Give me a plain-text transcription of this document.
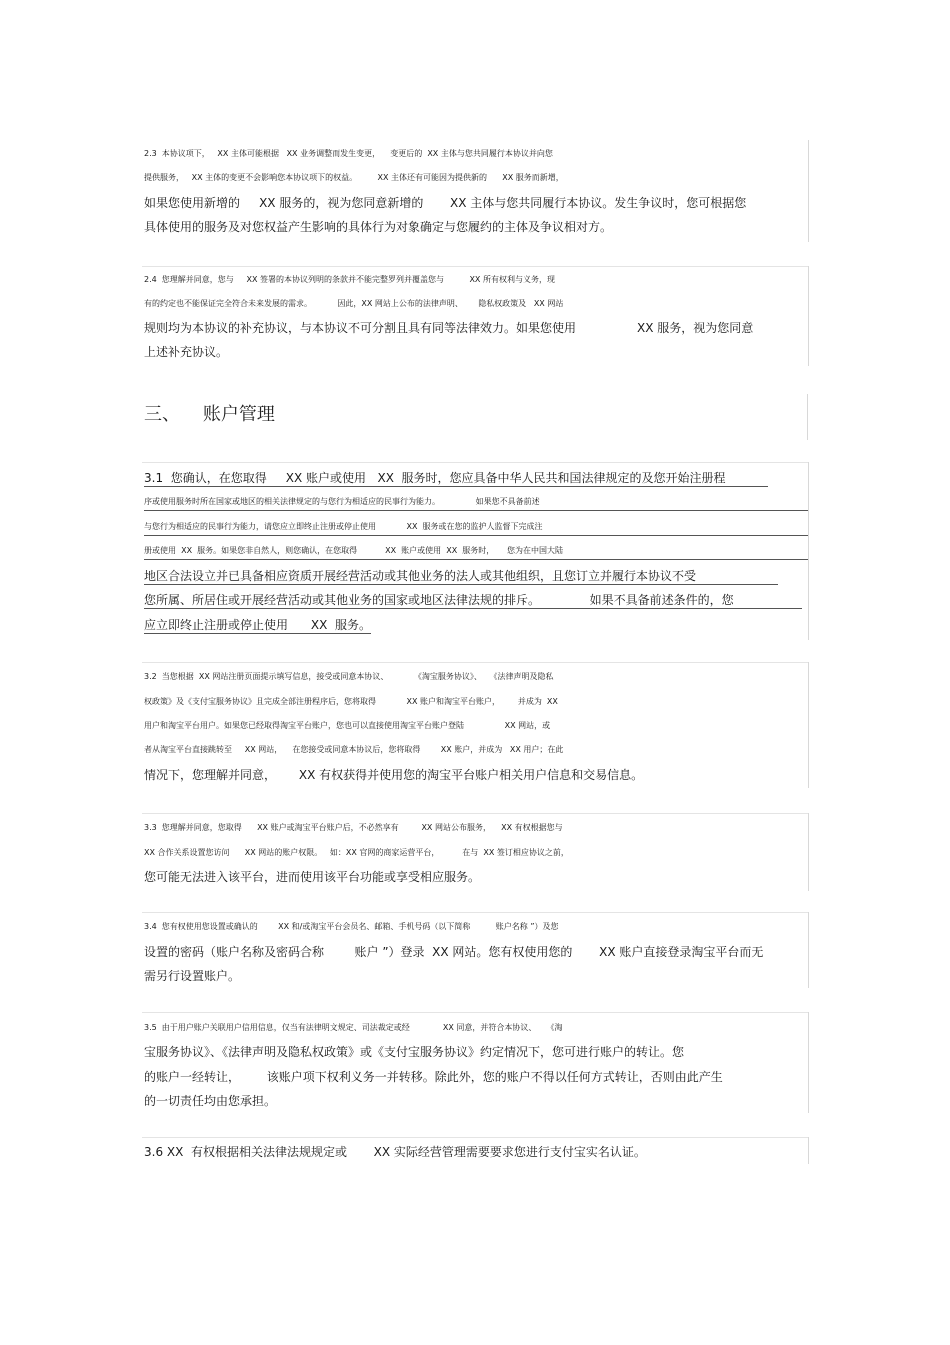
2.3  本协议项下，   XX 主体可能根据   XX 业务调整而发生变更，    变更后的  XX 主体与您共同履行本协议并向您
提供服务，   XX 主体的变更不会影响您本协议项下的权益。        XX 主体还有可能因为提供新的      XX 服务而新增，
如果您使用新增的     XX 服务的，视为您同意新增的       XX 主体与您共同履行本协议。发生争议时，您可根据您
具体使用的服务及对您权益产生影响的具体行为对象确定与您履约的主体及争议相对方。
2.4  您理解并同意，您与     XX 签署的本协议列明的条款并不能完整罗列并覆盖您与          XX 所有权利与义务，现
有的约定也不能保证完全符合未来发展的需求。          因此，XX 网站上公布的法律声明、      隐私权政策及   XX 网站
规则均为本协议的补充协议，与本协议不可分割且具有同等法律效力。如果您使用                XX 服务，视为您同意
上述补充协议。
三、    账户管理
3.1  您确认，在您取得     XX 账户或使用   XX  服务时，您应具备中华人民共和国法律规定的及您开始注册程
序或使用服务时所在国家或地区的相关法律规定的与您行为相适应的民事行为能力。              如果您不具备前述
与您行为相适应的民事行为能力，请您应立即终止注册或停止使用            XX  服务或在您的监护人监督下完成注
册或使用  XX  服务。如果您非自然人，则您确认，在您取得           XX  账户或使用  XX  服务时，     您为在中国大陆
地区合法设立并已具备相应资质开展经营活动或其他业务的法人或其他组织，且您订立并履行本协议不受
您所属、所居住或开展经营活动或其他业务的国家或地区法律法规的排斥。             如果不具备前述条件的，您
应立即终止注册或停止使用      XX  服务。
3.2  当您根据  XX 网站注册页面提示填写信息，接受或同意本协议、          《淘宝服务协议》、   《法律声明及隐私
权政策》及《支付宝服务协议》且完成全部注册程序后，您将取得            XX 账户和淘宝平台账户，       并成为  XX
用户和淘宝平台用户。如果您已经取得淘宝平台账户，您也可以直接使用淘宝平台账户登陆                XX 网站，或
者从淘宝平台直接跳转至     XX 网站，    在您接受或同意本协议后，您将取得        XX 账户，并成为   XX 用户；在此
情况下，您理解并同意，      XX 有权获得并使用您的淘宝平台账户相关用户信息和交易信息。
3.3  您理解并同意，您取得      XX 账户或淘宝平台账户后，不必然享有         XX 网站公布服务，    XX 有权根据您与
XX 合作关系设置您访问      XX 网站的账户权限。   如：XX 官网的商家运营平台，         在与  XX 签订相应协议之前，
您可能无法进入该平台，进而使用该平台功能或享受相应服务。
3.4  您有权使用您设置或确认的        XX 和/或淘宝平台会员名、邮箱、手机号码（以下简称          账户名称 ”）及您
设置的密码（账户名称及密码合称        账户 ”）登录  XX 网站。您有权使用您的       XX 账户直接登录淘宝平台而无
需另行设置账户。
3.5  由于用户账户关联用户信用信息，仅当有法律明文规定、司法裁定或经             XX 同意，并符合本协议、    《淘
宝服务协议》、《法律声明及隐私权政策》或《支付宝服务协议》约定情况下，您可进行账户的转让。您
的账户一经转让，       该账户项下权利义务一并转移。除此外，您的账户不得以任何方式转让，否则由此产生
的一切责任均由您承担。
3.6 XX  有权根据相关法律法规规定或       XX 实际经营管理需要要求您进行支付宝实名认证。
